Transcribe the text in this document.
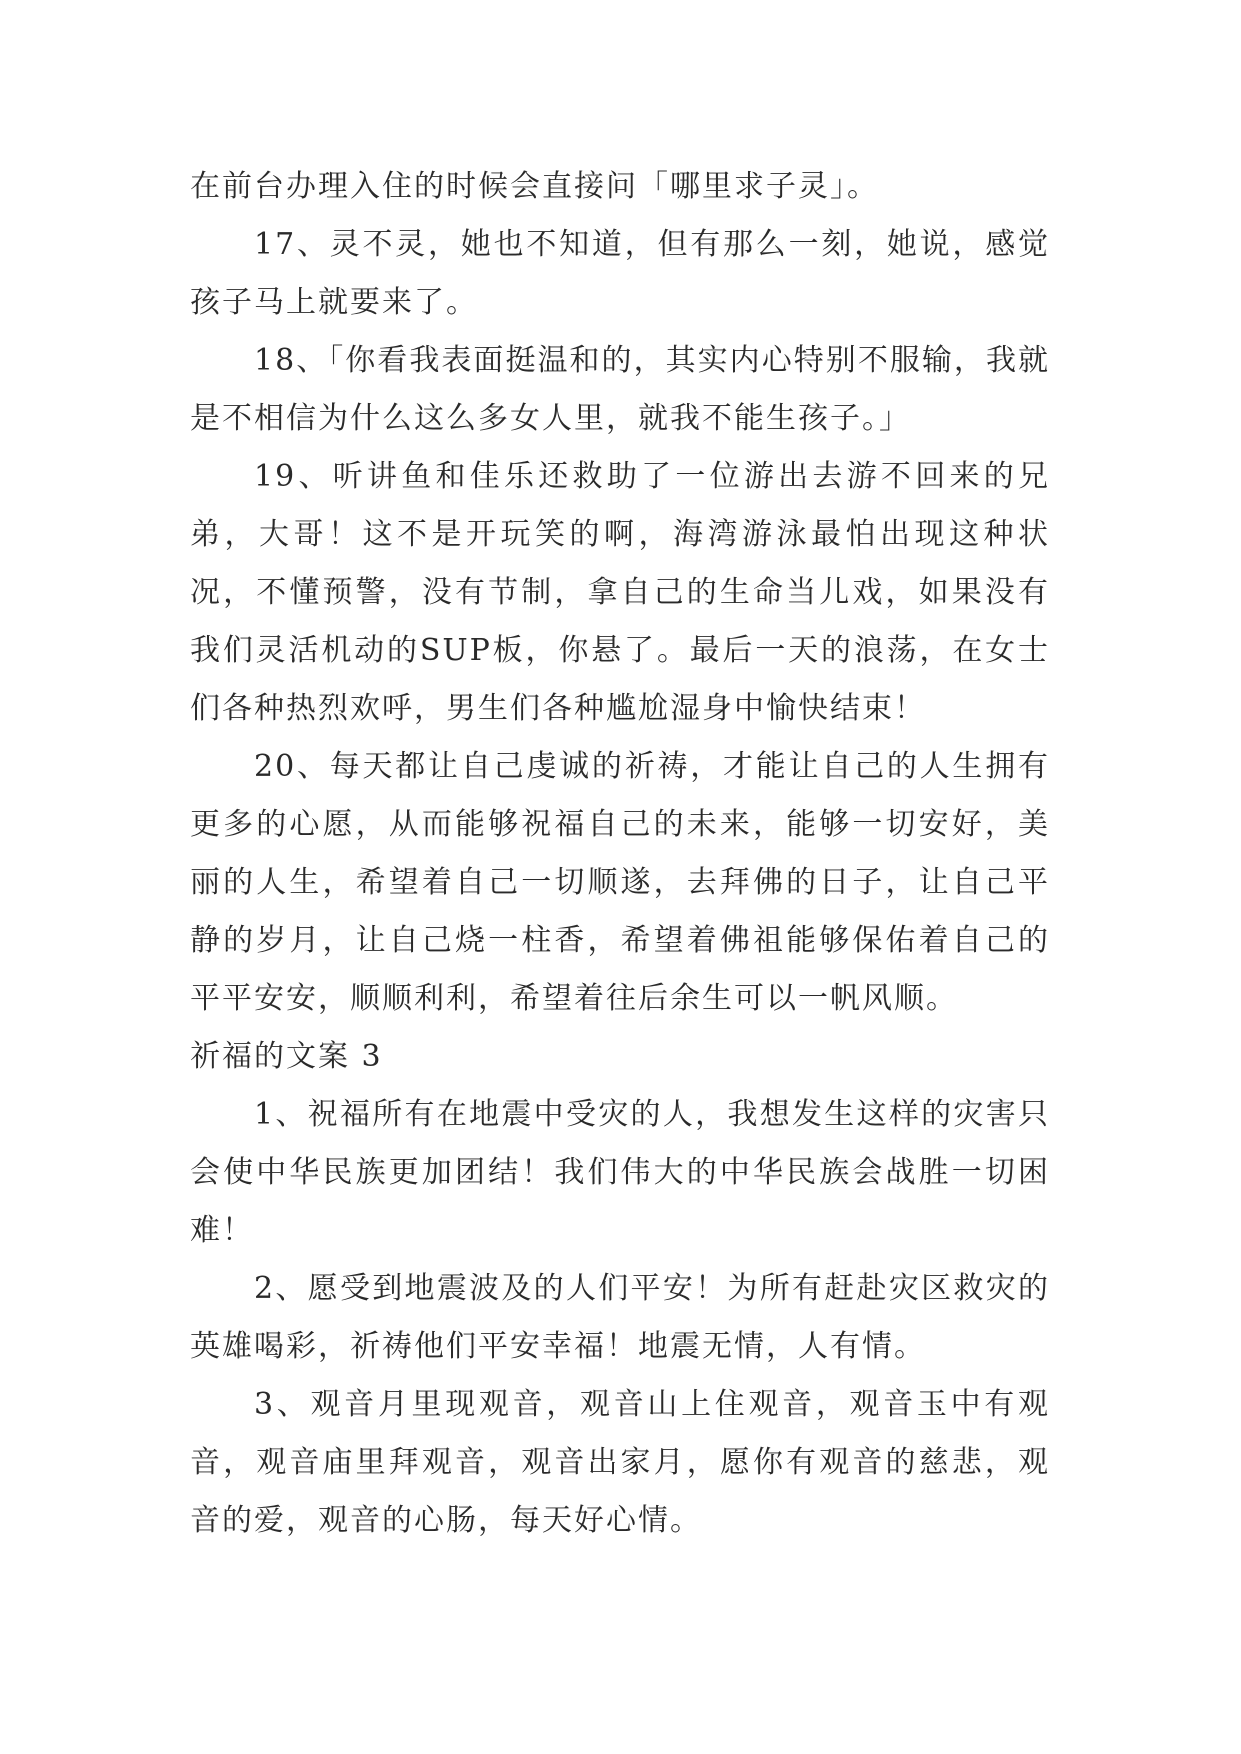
在前台办理入住的时候会直接问「哪里求子灵」。

17、灵不灵，她也不知道，但有那么一刻，她说，感觉孩子马上就要来了。

18、「你看我表面挺温和的，其实内心特别不服输，我就是不相信为什么这么多女人里，就我不能生孩子。」

19、听讲鱼和佳乐还救助了一位游出去游不回来的兄弟，大哥！这不是开玩笑的啊，海湾游泳最怕出现这种状况，不懂预警，没有节制，拿自己的生命当儿戏，如果没有我们灵活机动的SUP板，你悬了。最后一天的浪荡，在女士们各种热烈欢呼，男生们各种尴尬湿身中愉快结束！

20、每天都让自己虔诚的祈祷，才能让自己的人生拥有更多的心愿，从而能够祝福自己的未来，能够一切安好，美丽的人生，希望着自己一切顺遂，去拜佛的日子，让自己平静的岁月，让自己烧一柱香，希望着佛祖能够保佑着自己的平平安安，顺顺利利，希望着往后余生可以一帆风顺。

祈福的文案 3

1、祝福所有在地震中受灾的人，我想发生这样的灾害只会使中华民族更加团结！我们伟大的中华民族会战胜一切困难！

2、愿受到地震波及的人们平安！为所有赶赴灾区救灾的英雄喝彩，祈祷他们平安幸福！地震无情，人有情。

3、观音月里现观音，观音山上住观音，观音玉中有观音，观音庙里拜观音，观音出家月，愿你有观音的慈悲，观音的爱，观音的心肠，每天好心情。
